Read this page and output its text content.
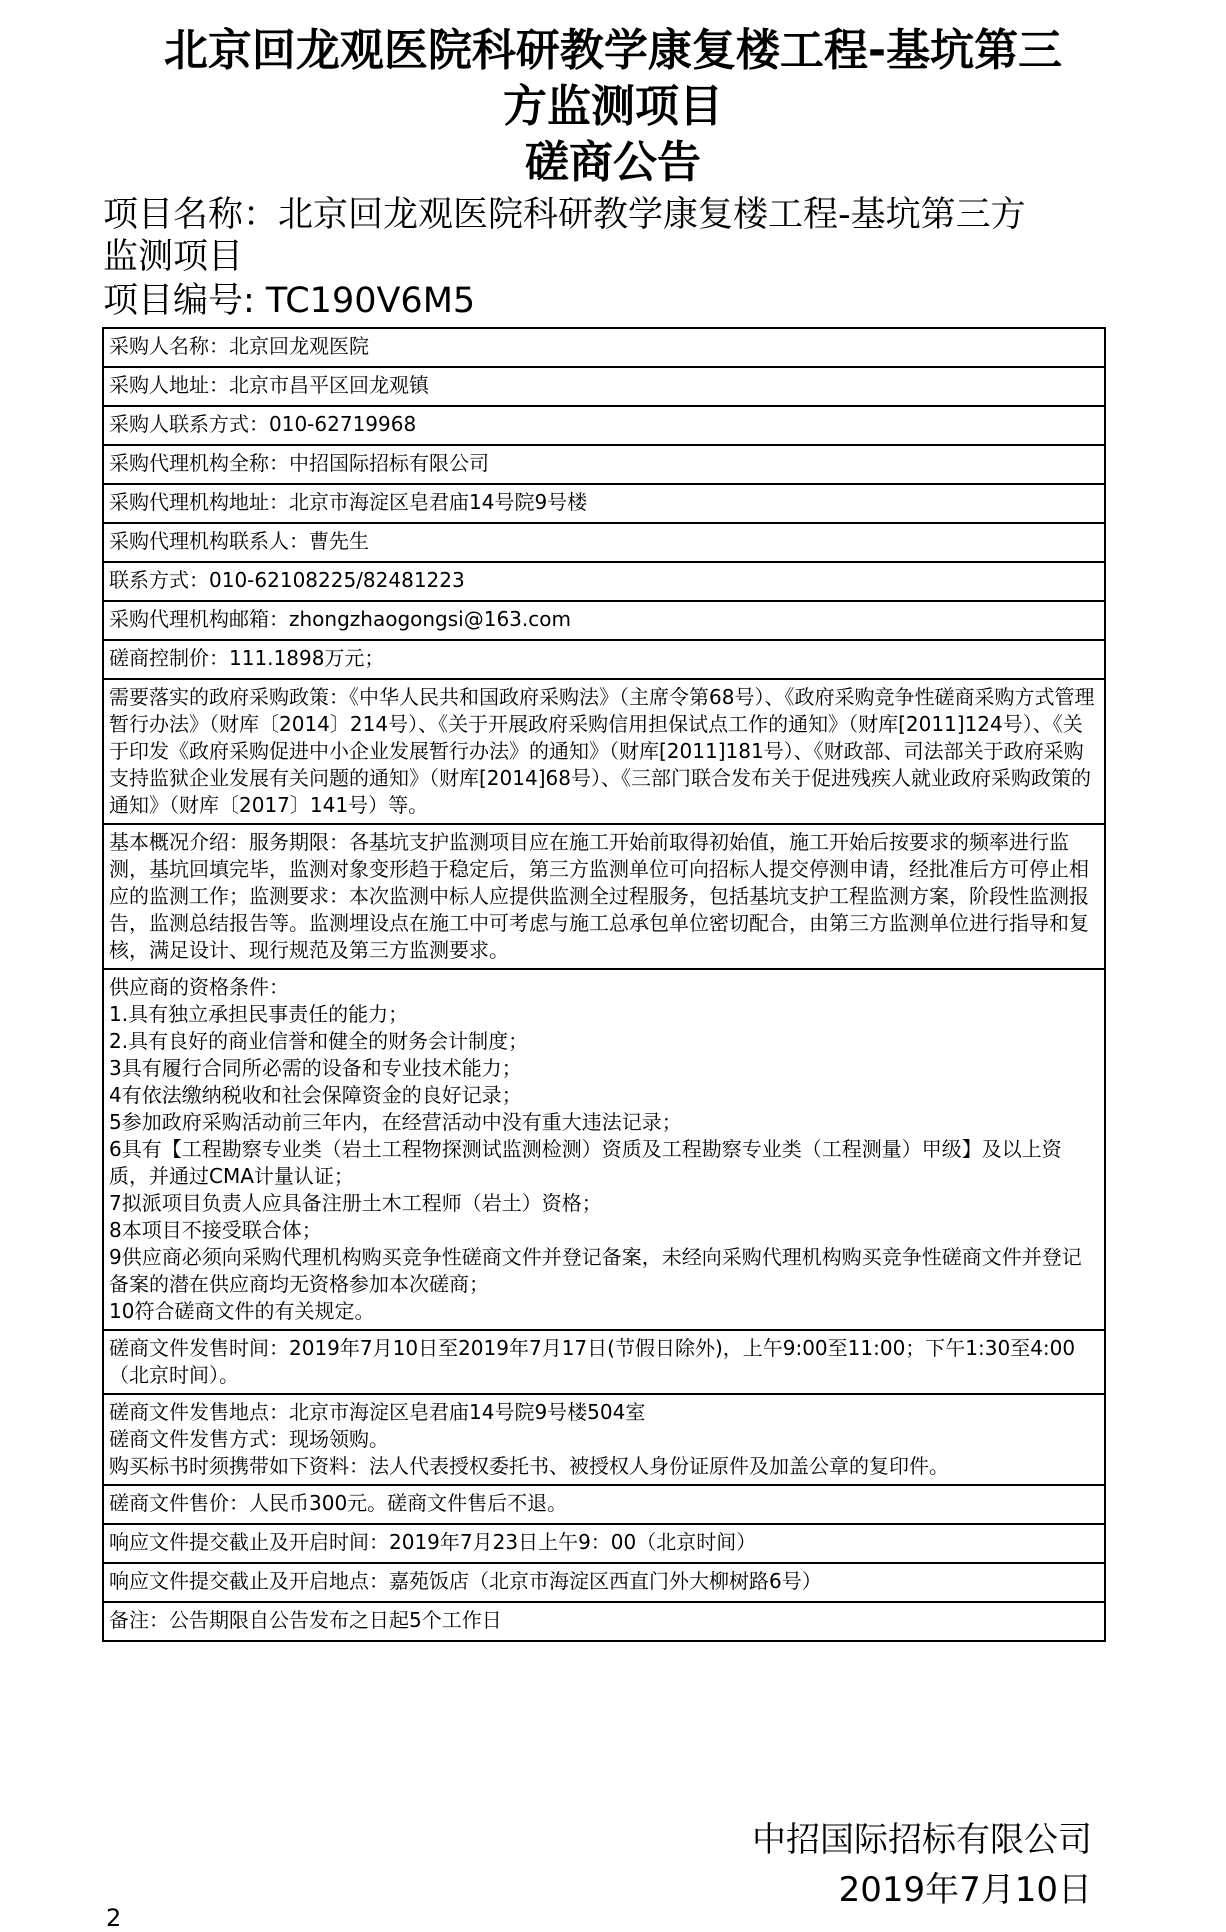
北京回龙观医院科研教学康复楼工程-基坑第三
方监测项目
磋商公告
项目名称：北京回龙观医院科研教学康复楼工程-基坑第三方
监测项目
项目编号: TC190V6M5
采购人名称：北京回龙观医院
采购人地址：北京市昌平区回龙观镇
采购人联系方式：010-62719968
采购代理机构全称：中招国际招标有限公司
采购代理机构地址：北京市海淀区皂君庙14号院9号楼
采购代理机构联系人：曹先生
联系方式：010-62108225/82481223
采购代理机构邮箱：zhongzhaogongsi@163.com
磋商控制价：111.1898万元；
需要落实的政府采购政策：《中华人民共和国政府采购法》（主席令第68号）、《政府采购竞争性磋商采购方式管理暂行办法》（财库〔2014〕214号）、《关于开展政府采购信用担保试点工作的通知》（财库[2011]124号）、《关于印发《政府采购促进中小企业发展暂行办法》的通知》（财库[2011]181号）、《财政部、司法部关于政府采购支持监狱企业发展有关问题的通知》（财库[2014]68号）、《三部门联合发布关于促进残疾人就业政府采购政策的通知》（财库〔2017〕141号）等。
基本概况介绍：服务期限：各基坑支护监测项目应在施工开始前取得初始值，施工开始后按要求的频率进行监测，基坑回填完毕，监测对象变形趋于稳定后，第三方监测单位可向招标人提交停测申请，经批准后方可停止相应的监测工作；监测要求：本次监测中标人应提供监测全过程服务，包括基坑支护工程监测方案，阶段性监测报告，监测总结报告等。监测埋设点在施工中可考虑与施工总承包单位密切配合，由第三方监测单位进行指导和复核，满足设计、现行规范及第三方监测要求。
供应商的资格条件：
1.具有独立承担民事责任的能力；
2.具有良好的商业信誉和健全的财务会计制度；
3具有履行合同所必需的设备和专业技术能力；
4有依法缴纳税收和社会保障资金的良好记录；
5参加政府采购活动前三年内，在经营活动中没有重大违法记录；
6具有【工程勘察专业类（岩土工程物探测试监测检测）资质及工程勘察专业类（工程测量）甲级】及以上资质，并通过CMA计量认证；
7拟派项目负责人应具备注册土木工程师（岩土）资格；
8本项目不接受联合体；
9供应商必须向采购代理机构购买竞争性磋商文件并登记备案，未经向采购代理机构购买竞争性磋商文件并登记备案的潜在供应商均无资格参加本次磋商；
10符合磋商文件的有关规定。
磋商文件发售时间：2019年7月10日至2019年7月17日(节假日除外)，上午9:00至11:00；下午1:30至4:00（北京时间）。
磋商文件发售地点：北京市海淀区皂君庙14号院9号楼504室
磋商文件发售方式：现场领购。
购买标书时须携带如下资料：法人代表授权委托书、被授权人身份证原件及加盖公章的复印件。
磋商文件售价：人民币300元。磋商文件售后不退。
响应文件提交截止及开启时间：2019年7月23日上午9：00（北京时间）
响应文件提交截止及开启地点：嘉苑饭店（北京市海淀区西直门外大柳树路6号）
备注：公告期限自公告发布之日起5个工作日
中招国际招标有限公司
2019年7月10日
2
